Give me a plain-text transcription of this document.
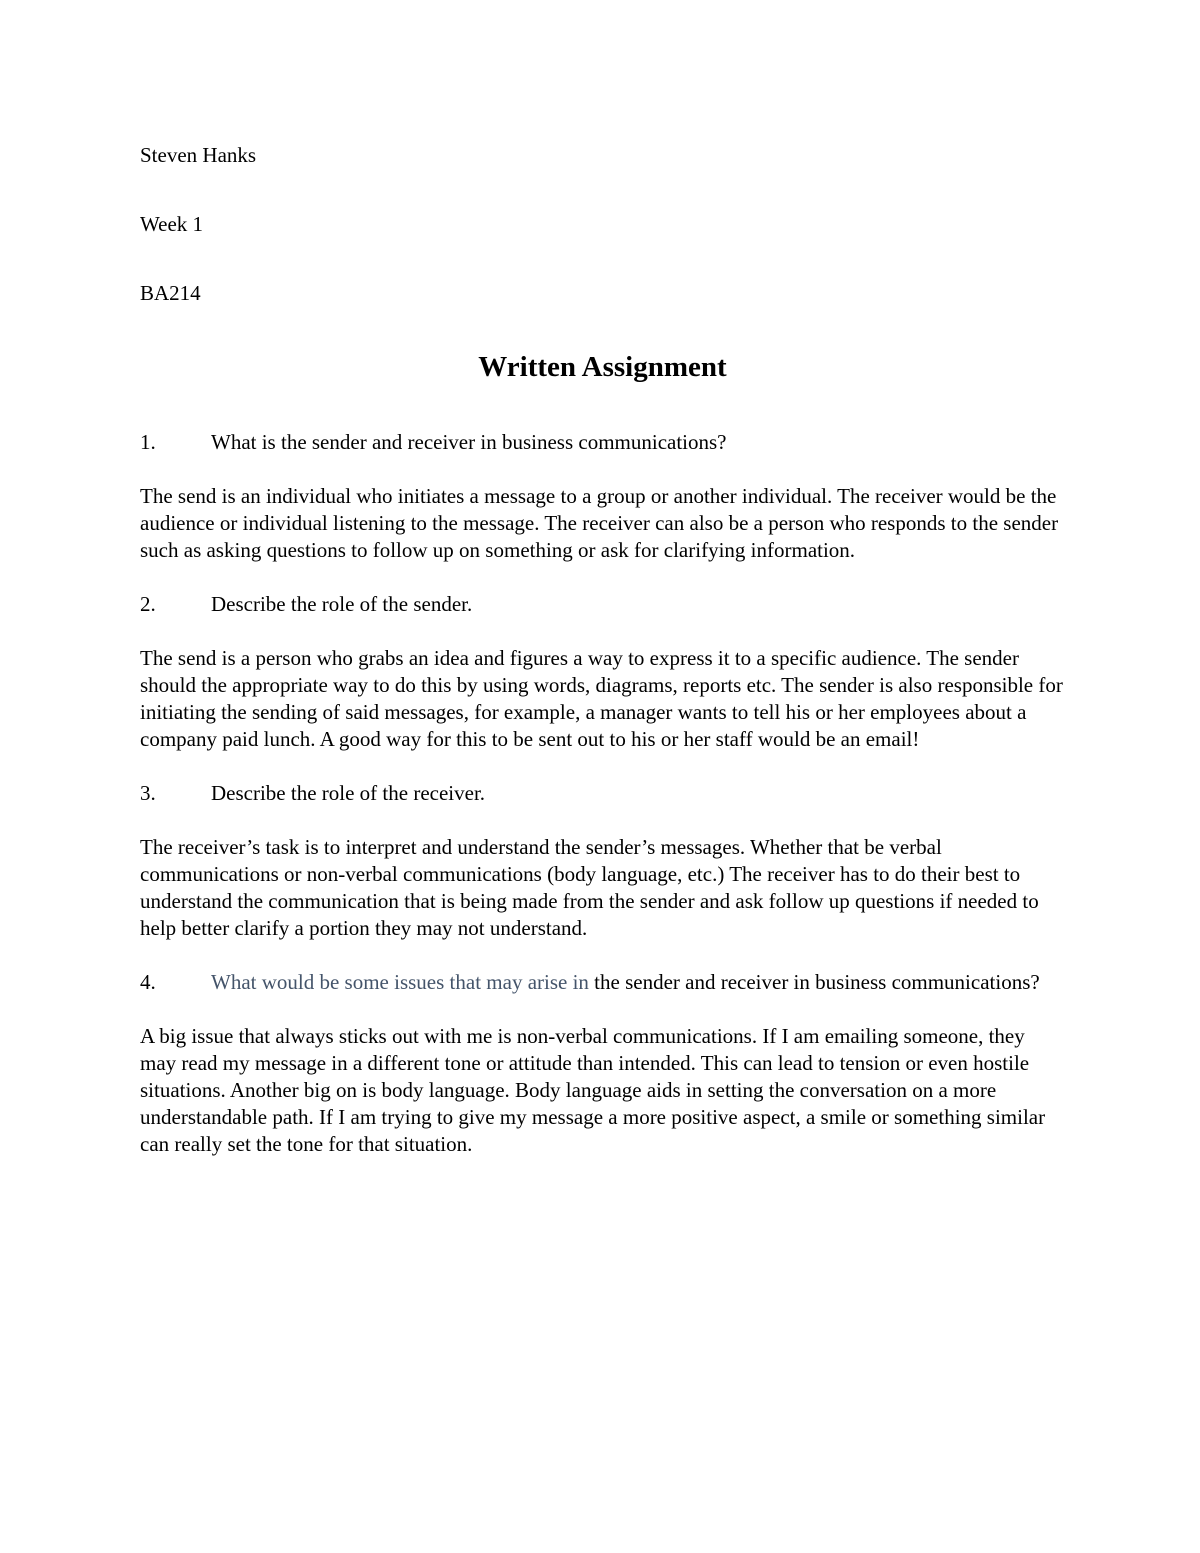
Steven Hanks
Week 1
BA214
Written Assignment
1.	What is the sender and receiver in business communications?
The send is an individual who initiates a message to a group or another individual. The receiver would be the audience or individual listening to the message. The receiver can also be a person who responds to the sender such as asking questions to follow up on something or ask for clarifying information.
2.	Describe the role of the sender.
The send is a person who grabs an idea and figures a way to express it to a specific audience. The sender should the appropriate way to do this by using words, diagrams, reports etc. The sender is also responsible for initiating the sending of said messages, for example, a manager wants to tell his or her employees about a company paid lunch. A good way for this to be sent out to his or her staff would be an email!
3.	Describe the role of the receiver.
The receiver’s task is to interpret and understand the sender’s messages. Whether that be verbal communications or non-verbal communications (body language, etc.) The receiver has to do their best to understand the communication that is being made from the sender and ask follow up questions if needed to help better clarify a portion they may not understand.
4.	What would be some issues that may arise in the sender and receiver in business communications?
A big issue that always sticks out with me is non-verbal communications. If I am emailing someone, they may read my message in a different tone or attitude than intended. This can lead to tension or even hostile situations. Another big on is body language. Body language aids in setting the conversation on a more understandable path. If I am trying to give my message a more positive aspect, a smile or something similar can really set the tone for that situation.
